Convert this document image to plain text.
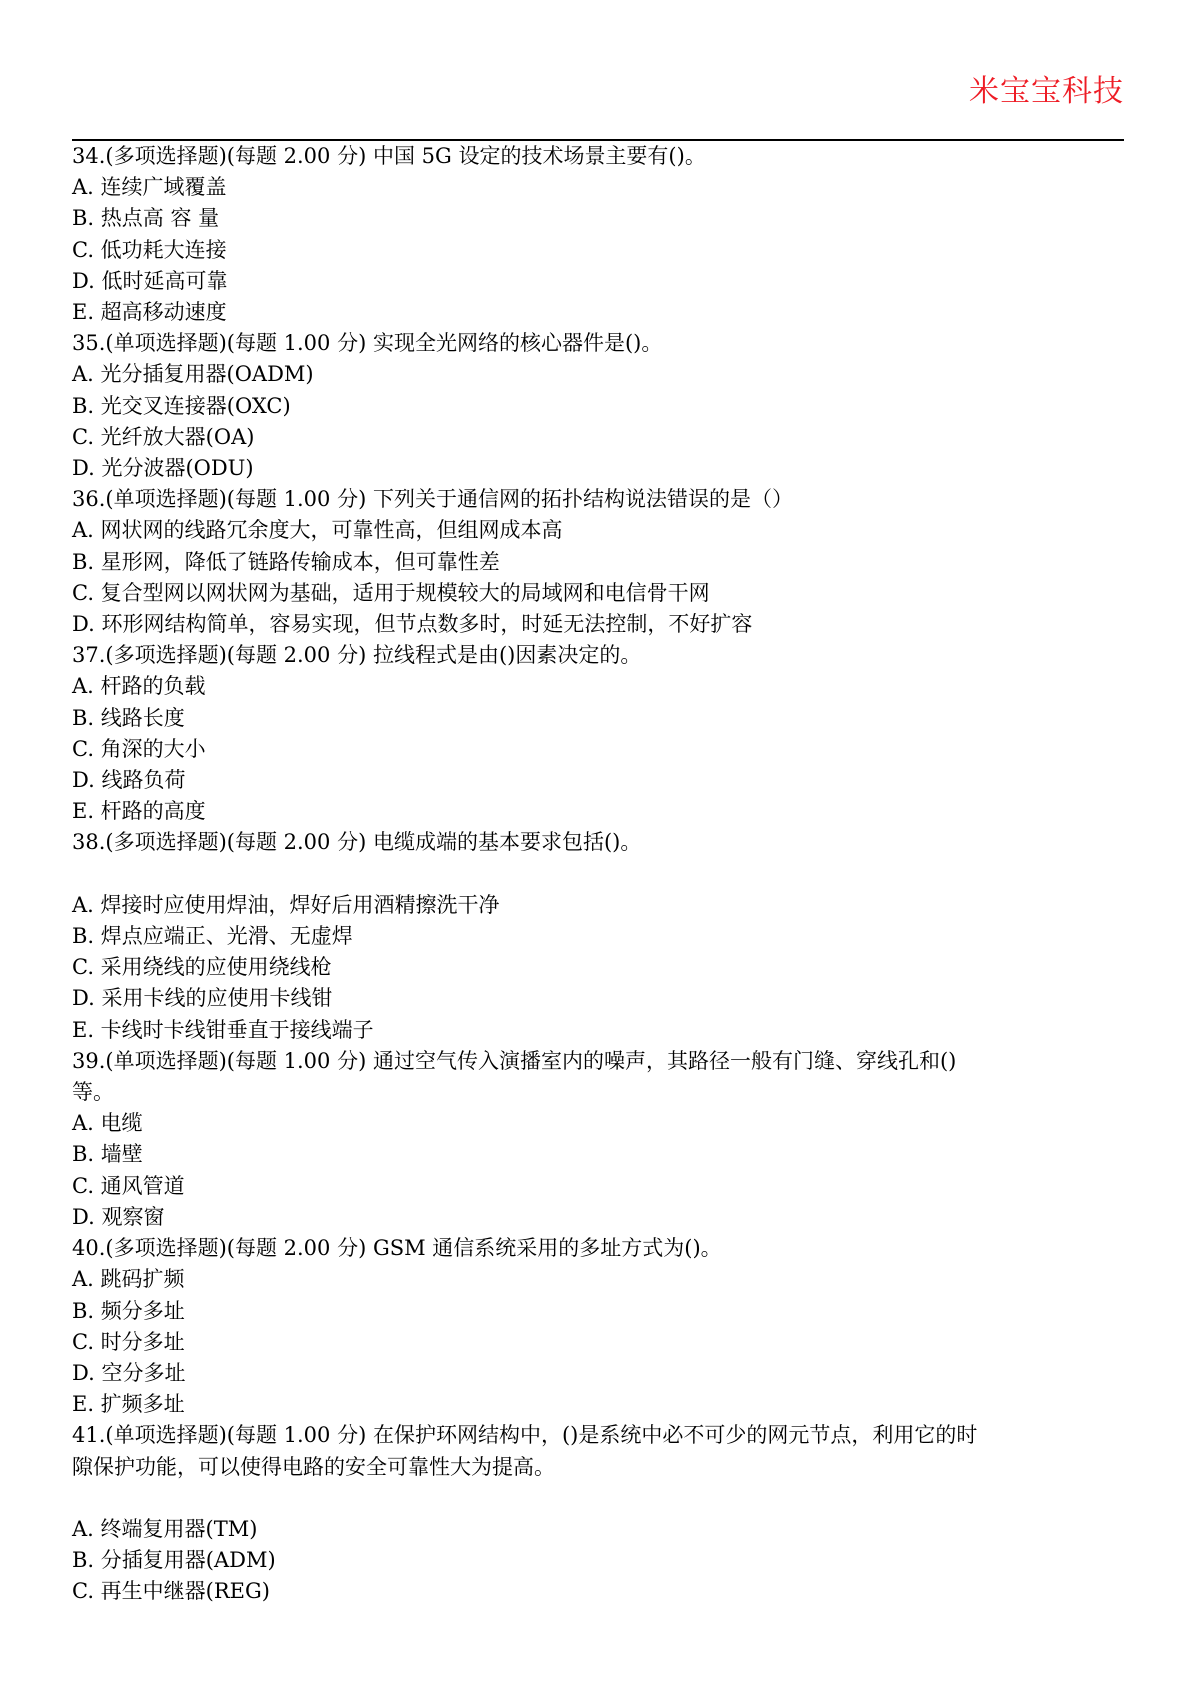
米宝宝科技
34.(多项选择题)(每题 2.00 分) 中国 5G 设定的技术场景主要有()。
A. 连续广域覆盖
B. 热点高 容 量
C. 低功耗大连接
D. 低时延高可靠
E. 超高移动速度
35.(单项选择题)(每题 1.00 分) 实现全光网络的核心器件是()。
A. 光分插复用器(OADM)
B. 光交叉连接器(OXC)
C. 光纤放大器(OA)
D. 光分波器(ODU)
36.(单项选择题)(每题 1.00 分) 下列关于通信网的拓扑结构说法错误的是（）
A. 网状网的线路冗余度大，可靠性高，但组网成本高
B. 星形网，降低了链路传输成本，但可靠性差
C. 复合型网以网状网为基础，适用于规模较大的局域网和电信骨干网
D. 环形网结构简单，容易实现，但节点数多时，时延无法控制，不好扩容
37.(多项选择题)(每题 2.00 分) 拉线程式是由()因素决定的。
A. 杆路的负载
B. 线路长度
C. 角深的大小
D. 线路负荷
E. 杆路的高度
38.(多项选择题)(每题 2.00 分) 电缆成端的基本要求包括()。
A. 焊接时应使用焊油，焊好后用酒精擦洗干净
B. 焊点应端正、光滑、无虚焊
C. 采用绕线的应使用绕线枪
D. 采用卡线的应使用卡线钳
E. 卡线时卡线钳垂直于接线端子
39.(单项选择题)(每题 1.00 分) 通过空气传入演播室内的噪声，其路径一般有门缝、穿线孔和()
等。
A. 电缆
B. 墙壁
C. 通风管道
D. 观察窗
40.(多项选择题)(每题 2.00 分) GSM 通信系统采用的多址方式为()。
A. 跳码扩频
B. 频分多址
C. 时分多址
D. 空分多址
E. 扩频多址
41.(单项选择题)(每题 1.00 分) 在保护环网结构中，()是系统中必不可少的网元节点，利用它的时
隙保护功能，可以使得电路的安全可靠性大为提高。
A. 终端复用器(TM)
B. 分插复用器(ADM)
C. 再生中继器(REG)
